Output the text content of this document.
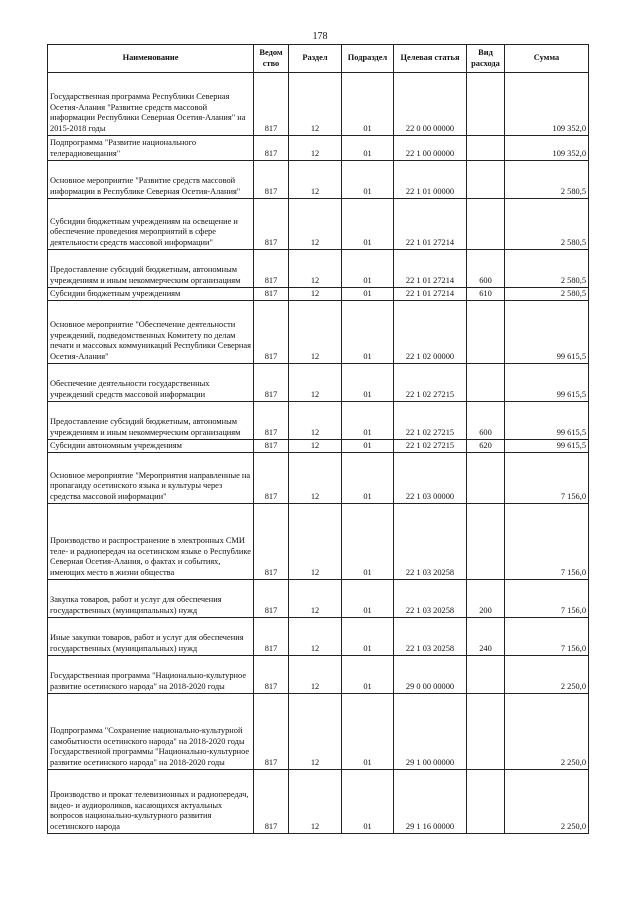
178
Наименование	Ведом ство	Раздел	Подраздел	Целевая статья	Вид расхода	Сумма
Государственная программа Республики Северная Осетия-Алания "Развитие средств массовой информации Республики Северная Осетия-Алания" на 2015-2018 годы	817	12	01	22 0 00 00000		109 352,0
Подпрограмма "Развитие национального телерадиовещания"	817	12	01	22 1 00 00000		109 352,0
Основное мероприятие "Развитие средств массовой информации в Республике Северная Осетия-Алания"	817	12	01	22 1 01 00000		2 580,5
Субсидии бюджетным учреждениям на освещение и обеспечение проведения мероприятий в сфере деятельности средств массовой информации"	817	12	01	22 1 01 27214		2 580,5
Предоставление субсидий бюджетным, автономным учреждениям и иным некоммерческим организациям	817	12	01	22 1 01 27214	600	2 580,5
Субсидии бюджетным учреждениям	817	12	01	22 1 01 27214	610	2 580,5
Основное мероприятие "Обеспечение деятельности учреждений, подведомственных Комитету по делам печати и массовых коммуникаций Республики Северная Осетия-Алания"	817	12	01	22 1 02 00000		99 615,5
Обеспечение деятельности государственных учреждений средств массовой информации	817	12	01	22 1 02 27215		99 615,5
Предоставление субсидий бюджетным, автономным учреждениям и иным некоммерческим организациям	817	12	01	22 1 02 27215	600	99 615,5
Субсидии автономным учреждениям	817	12	01	22 1 02 27215	620	99 615,5
Основное мероприятие "Мероприятия направленные на пропаганду осетинского языка и культуры через средства массовой информации"	817	12	01	22 1 03 00000		7 156,0
Производство и распространение в электронных СМИ теле- и радиопередач на осетинском языке о Республике Северная Осетия-Алания, о фактах и событиях, имеющих место в жизни общества	817	12	01	22 1 03 20258		7 156,0
Закупка товаров, работ и услуг для обеспечения государственных (муниципальных) нужд	817	12	01	22 1 03 20258	200	7 156,0
Иные закупки товаров, работ и услуг для обеспечения государственных (муниципальных) нужд	817	12	01	22 1 03 20258	240	7 156,0
Государственная программа "Национально-культурное развитие осетинского народа" на 2018-2020 годы	817	12	01	29 0 00 00000		2 250,0
Подпрограмма "Сохранение национально-культурной самобытности осетинского народа" на 2018-2020 годы Государственной программы "Национально-культурное развитие осетинского народа" на 2018-2020 годы	817	12	01	29 1 00 00000		2 250,0
Производство и прокат телевизионных и радиопередач, видео- и аудиороликов, касающихся актуальных вопросов национально-культурного развития осетинского народа	817	12	01	29 1 16 00000		2 250,0
